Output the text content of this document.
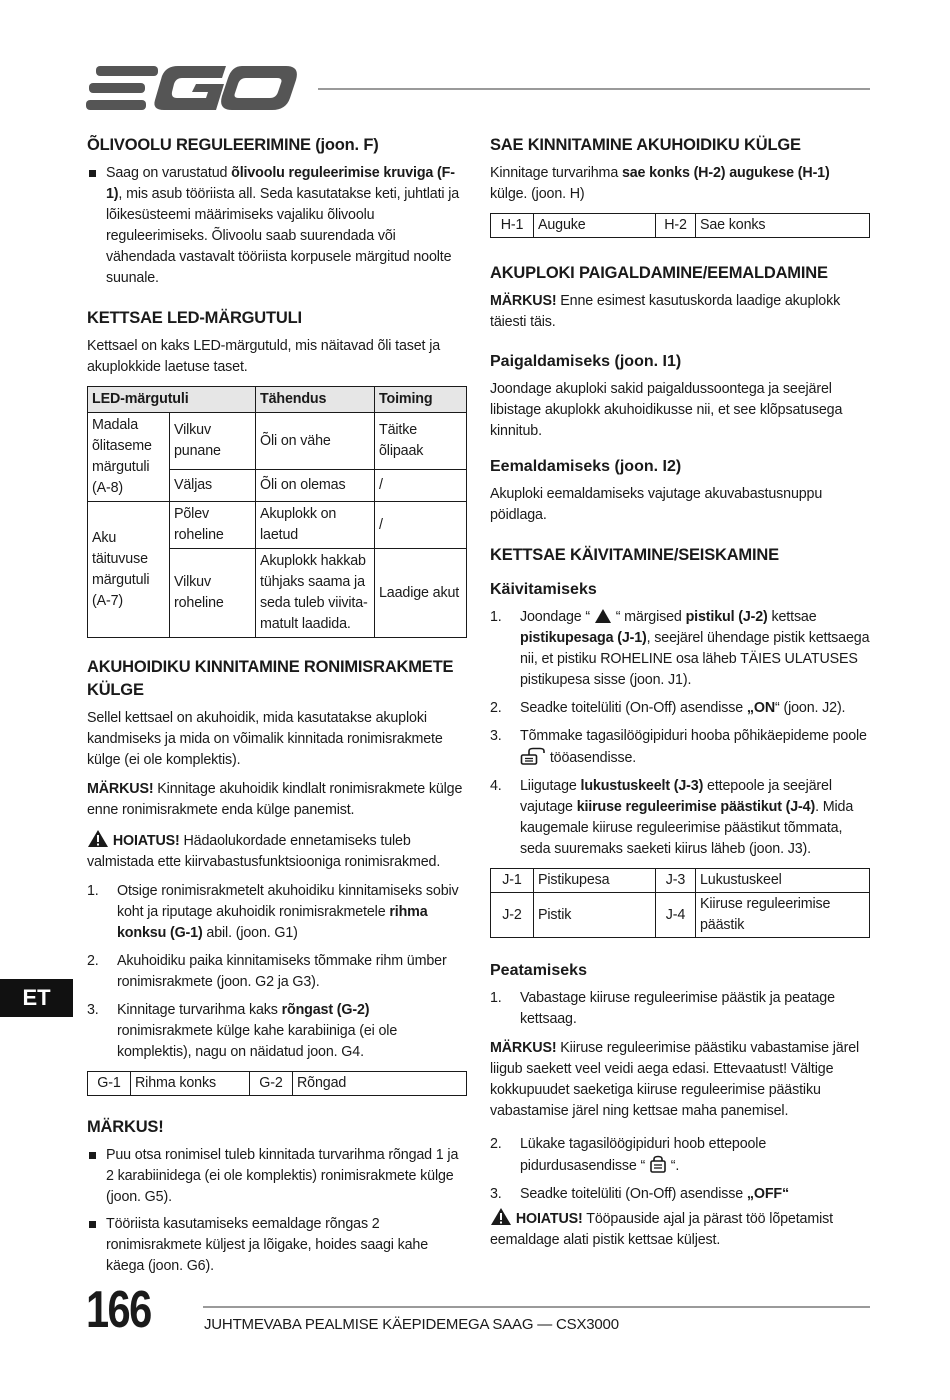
ÕLIVOOLU REGULEERIMINE (joon. F)
Saag on varustatud õlivoolu reguleerimise kruviga (F-1), mis asub tööriista all. Seda kasutatakse keti, juhtlati ja lõikesüsteemi määrimiseks vajaliku õlivoolu reguleerimiseks. Õlivoolu saab suurendada või vähendada vastavalt tööriista korpusele märgitud noolte suunale.
KETTSAE LED-MÄRGUTULI

Kettsael on kaks LED-märgutuld, mis näitavad õli taset ja akuplokkide laetuse taset.

LED-märgutuli		Tähendus	Toiming
Madala õlitaseme märgutuli (A-8)	Vilkuv punane	Õli on vähe	Täitke õlipaak
	Väljas	Õli on olemas	/
Aku täituvuse märgutuli (A-7)	Põlev roheline	Akuplokk on laetud	/
	Vilkuv roheline	Akuplokk hakkab tühjaks saama ja seda tuleb viivita-matult laadida.	Laadige akut
AKUHOIDIKU KINNITAMINE RONIMISRAKMETE KÜLGE

Sellel kettsael on akuhoidik, mida kasutatakse akuploki kandmiseks ja mida on võimalik kinnitada ronimisrakmete külge (ei ole komplektis).

MÄRKUS! Kinnitage akuhoidik kindlalt ronimisrakmete külge enne ronimisrakmete enda külge panemist.

HOIATUS! Hädaolukordade ennetamiseks tuleb valmistada ette kiirvabastusfunktsiooniga ronimisrakmed.

1. Otsige ronimisrakmetelt akuhoidiku kinnitamiseks sobiv koht ja riputage akuhoidik ronimisrakmetele rihma konksu (G-1) abil. (joon. G1)
2. Akuhoidiku paika kinnitamiseks tõmmake rihm ümber ronimisrakmete (joon. G2 ja G3).
3. Kinnitage turvarihma kaks rõngast (G-2) ronimisrakmete külge kahe karabiiniga (ei ole komplektis), nagu on näidatud joon. G4.
G-1	Rihma konks	G-2	Rõngad
MÄRKUS!
Puu otsa ronimisel tuleb kinnitada turvarihma rõngad 1 ja 2 karabiinidega (ei ole komplektis) ronimisrakmete külge (joon. G5).
Tööriista kasutamiseks eemaldage rõngas 2 ronimisrakmete küljest ja lõigake, hoides saagi kahe käega (joon. G6).
SAE KINNITAMINE AKUHOIDIKU KÜLGE

Kinnitage turvarihma sae konks (H-2) augukese (H-1) külge. (joon. H)

H-1	Auguke	H-2	Sae konks
AKUPLOKI PAIGALDAMINE/EEMALDAMINE

MÄRKUS! Enne esimest kasutuskorda laadige akuplokk täiesti täis.

Paigaldamiseks (joon. I1)

Joondage akuploki sakid paigaldussoontega ja seejärel libistage akuplokk akuhoidikusse nii, et see klõpsatusega kinnitub.

Eemaldamiseks (joon. I2)

Akuploki eemaldamiseks vajutage akuvabastusnuppu pöidlaga.

KETTSAE KÄIVITAMINE/SEISKAMINE
Käivitamiseks
1. Joondage “  “ märgised pistikul (J-2) kettsae pistikupesaga (J-1), seejärel ühendage pistik kettsaega nii, et pistiku ROHELINE osa läheb TÄIES ULATUSES pistikupesa sisse (joon. J1).
2. Seadke toitelüliti (On-Off) asendisse „ON“ (joon. J2).
3. Tõmmake tagasilöögipiduri hooba põhikäepideme poole  tööasendisse.
4. Liigutage lukustuskeelt (J-3) ettepoole ja seejärel vajutage kiiruse reguleerimise päästikut (J-4). Mida kaugemale kiiruse reguleerimise päästikut tõmmata, seda suuremaks saeketi kiirus läheb (joon. J3).
J-1	Pistikupesa	J-3	Lukustuskeel
J-2	Pistik	J-4	Kiiruse reguleerimise päästik
Peatamiseks
1. Vabastage kiiruse reguleerimise päästik ja peatage kettsaag.

MÄRKUS! Kiiruse reguleerimise päästiku vabastamise järel liigub saekett veel veidi aega edasi. Ettevaatust! Vältige kokkupuudet saeketiga kiiruse reguleerimise päästiku vabastamise järel ning kettsae maha panemisel.

2. Lükake tagasilöögipiduri hoob ettepoole pidurdusasendisse “  “.
3. Seadke toitelüliti (On-Off) asendisse „OFF“

HOIATUS! Tööpauside ajal ja pärast töö lõpetamist eemaldage alati pistik kettsae küljest.

ET
166	JUHTMEVABA PEALMISE KÄEPIDEMEGA SAAG — CSX3000
